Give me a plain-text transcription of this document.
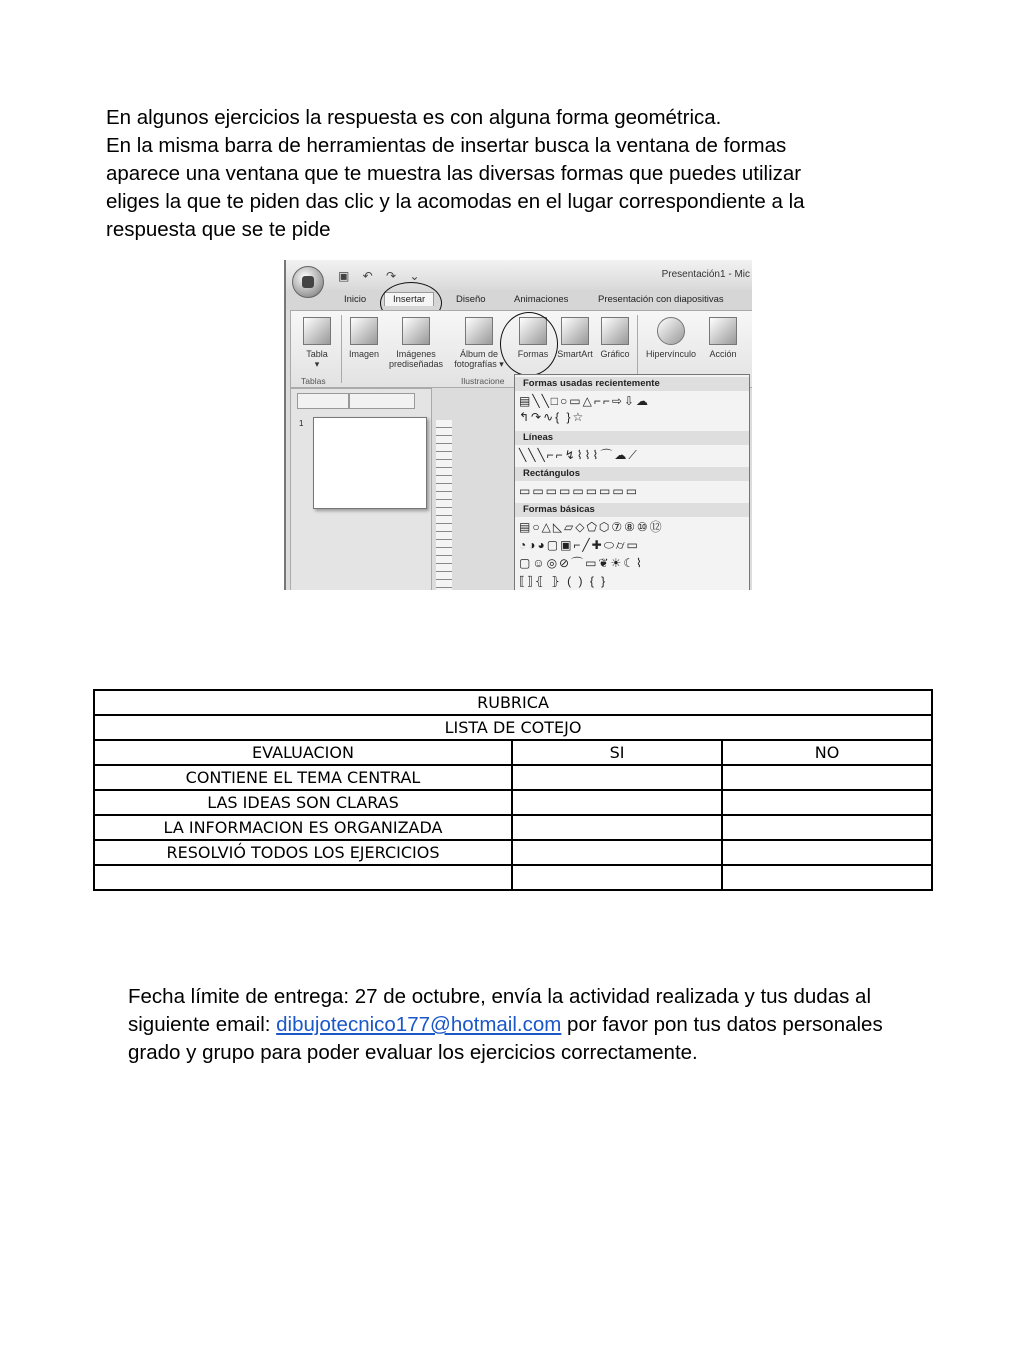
En algunos ejercicios la respuesta es con alguna forma geométrica.

En la misma barra de herramientas de insertar busca la ventana de formas

aparece una ventana que te muestra las diversas formas que puedes utilizar

eliges la que te piden das clic y la acomodas en el lugar correspondiente a la

respuesta que se te pide

▣ ↶ ↷ ⌄	Presentación1 - Mic
Inicio	Insertar	Diseño	Animaciones	Presentación con diapositivas
Tabla
▾
Imagen	Imágenes
prediseñadas
Álbum de
fotografías ▾
Formas SmartArt Gráfico	Hipervínculo	Acción
Tablas	Ilustracione
1
Formas usadas recientemente
▤╲╲□○▭△⌐⌐⇨⇩☁
↰↷∿{ }☆
Líneas
╲╲╲⌐⌐↯⌇⌇⌇⌒☁⟋
Rectángulos
▭▭▭▭▭▭▭▭▭
Formas básicas
▤○△◺▱◇⬠⬡⑦⑧⑩⑫
◔◑◕▢▣⌐╱✚⬭⌭▭
▢☺◎⊘⌒▭❦☀☾⌇
⟦⟧⦃ ⦄ ( ) { }
RUBRICA		
LISTA DE COTEJO		
EVALUACION	SI	NO
CONTIENE EL TEMA CENTRAL		
LAS IDEAS SON CLARAS		
LA INFORMACION ES ORGANIZADA		
RESOLVIÓ TODOS LOS EJERCICIOS		

Fecha límite de entrega: 27 de octubre, envía la actividad realizada y tus dudas al

siguiente email: dibujotecnico177@hotmail.com por favor pon tus datos personales

grado y grupo para poder evaluar los ejercicios correctamente.
